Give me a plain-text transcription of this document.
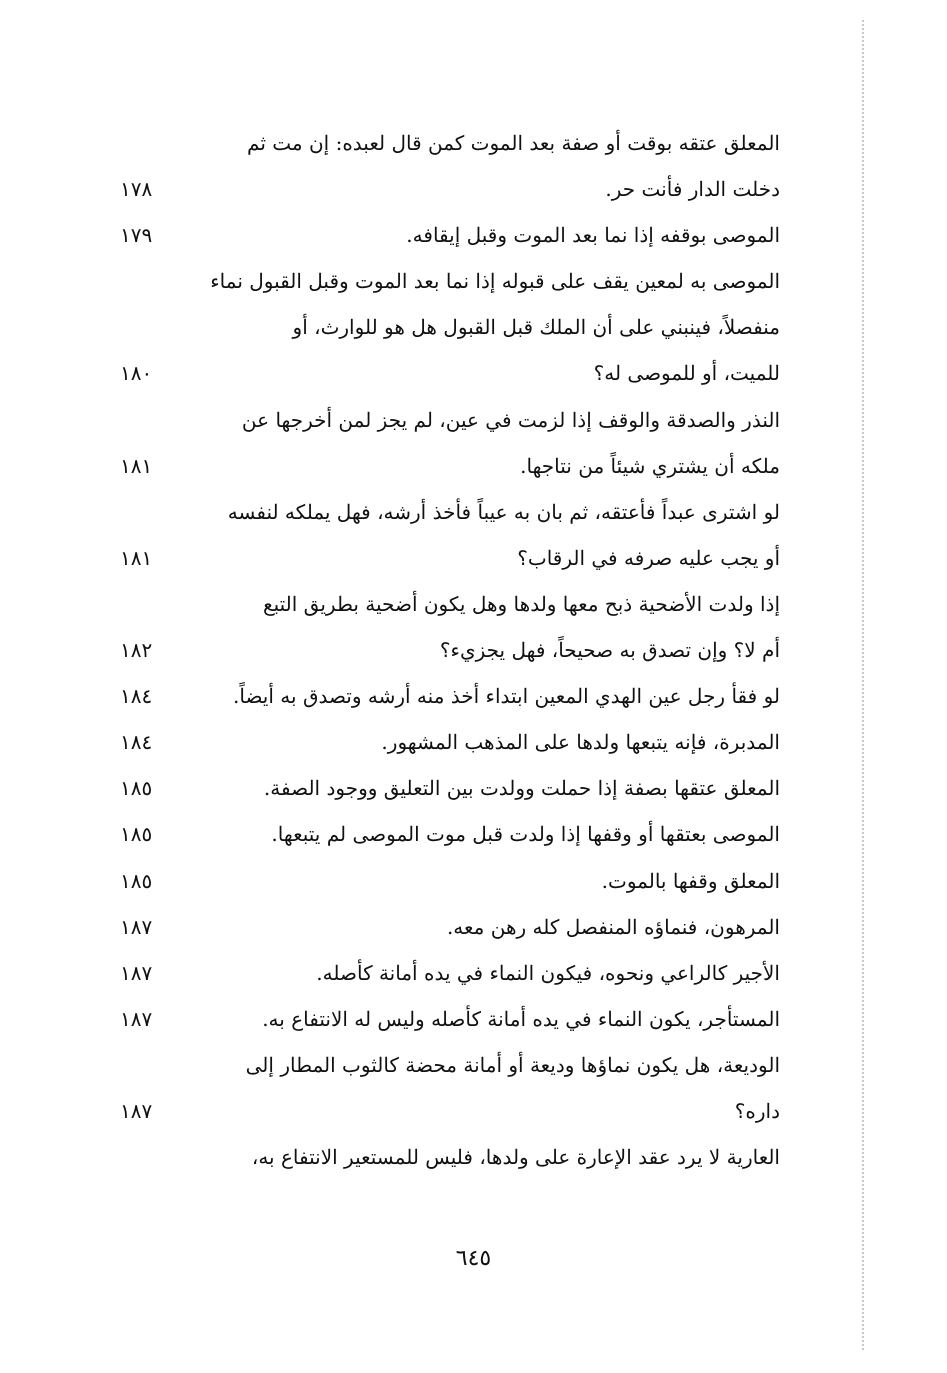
المعلق عتقه بوقت أو صفة بعد الموت كمن قال لعبده: إن مت ثم
دخلت الدار فأنت حر.
١٧٨
الموصى بوقفه إذا نما بعد الموت وقبل إيقافه.
١٧٩
الموصى به لمعين يقف على قبوله إذا نما بعد الموت وقبل القبول نماء
منفصلاً، فينبني على أن الملك قبل القبول هل هو للوارث، أو
للميت، أو للموصى له؟
١٨٠
النذر والصدقة والوقف إذا لزمت في عين، لم يجز لمن أخرجها عن
ملكه أن يشتري شيئاً من نتاجها.
١٨١
لو اشترى عبداً فأعتقه، ثم بان به عيباً فأخذ أرشه، فهل يملكه لنفسه
أو يجب عليه صرفه في الرقاب؟
١٨١
إذا ولدت الأضحية ذبح معها ولدها وهل يكون أضحية بطريق التبع
أم لا؟ وإن تصدق به صحيحاً، فهل يجزيء؟
١٨٢
لو فقأ رجل عين الهدي المعين ابتداء أخذ منه أرشه وتصدق به أيضاً.
١٨٤
المدبرة، فإنه يتبعها ولدها على المذهب المشهور.
١٨٤
المعلق عتقها بصفة إذا حملت وولدت بين التعليق ووجود الصفة.
١٨٥
الموصى بعتقها أو وقفها إذا ولدت قبل موت الموصى لم يتبعها.
١٨٥
المعلق وقفها بالموت.
١٨٥
المرهون، فنماؤه المنفصل كله رهن معه.
١٨٧
الأجير كالراعي ونحوه، فيكون النماء في يده أمانة كأصله.
١٨٧
المستأجر، يكون النماء في يده أمانة كأصله وليس له الانتفاع به.
١٨٧
الوديعة، هل يكون نماؤها وديعة أو أمانة محضة كالثوب المطار إلى
داره؟
١٨٧
العارية لا يرد عقد الإعارة على ولدها، فليس للمستعير الانتفاع به،
٦٤٥
